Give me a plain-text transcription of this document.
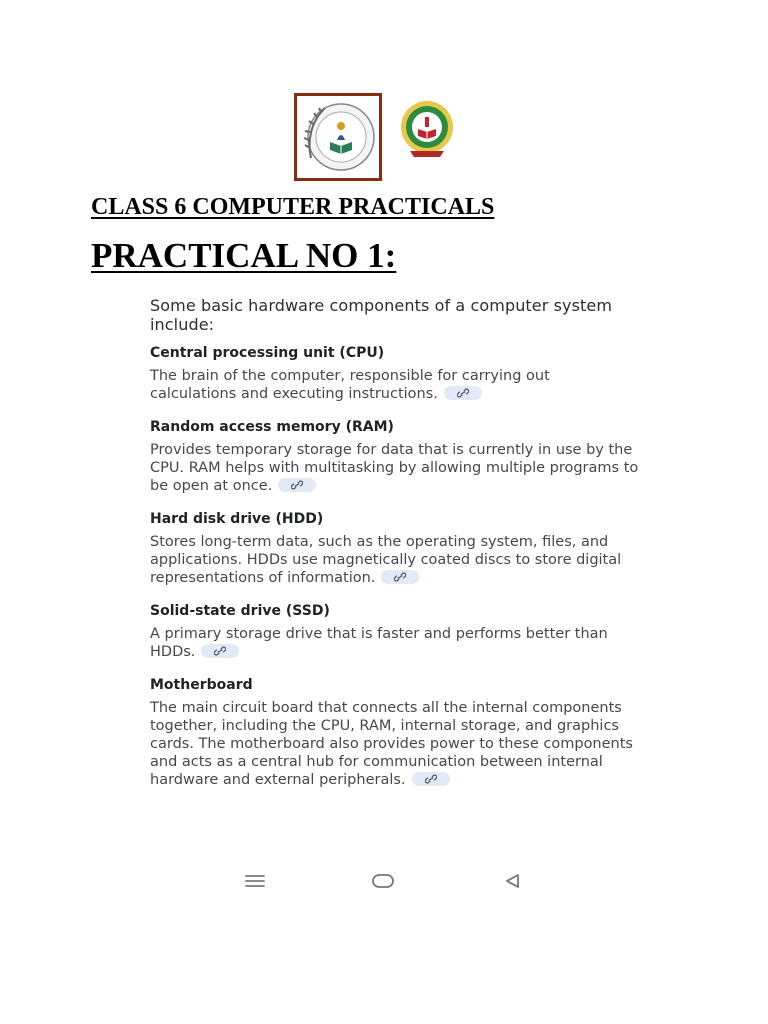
CLASS 6 COMPUTER PRACTICALS
PRACTICAL NO 1:

Some basic hardware components of a computer system include:

Central processing unit (CPU)

The brain of the computer, responsible for carrying out calculations and executing instructions.

Random access memory (RAM)

Provides temporary storage for data that is currently in use by the CPU. RAM helps with multitasking by allowing multiple programs to be open at once.

Hard disk drive (HDD)

Stores long-term data, such as the operating system, files, and applications. HDDs use magnetically coated discs to store digital representations of information.

Solid-state drive (SSD)

A primary storage drive that is faster and performs better than HDDs.

Motherboard

The main circuit board that connects all the internal components together, including the CPU, RAM, internal storage, and graphics cards. The motherboard also provides power to these components and acts as a central hub for communication between internal hardware and external peripherals.
